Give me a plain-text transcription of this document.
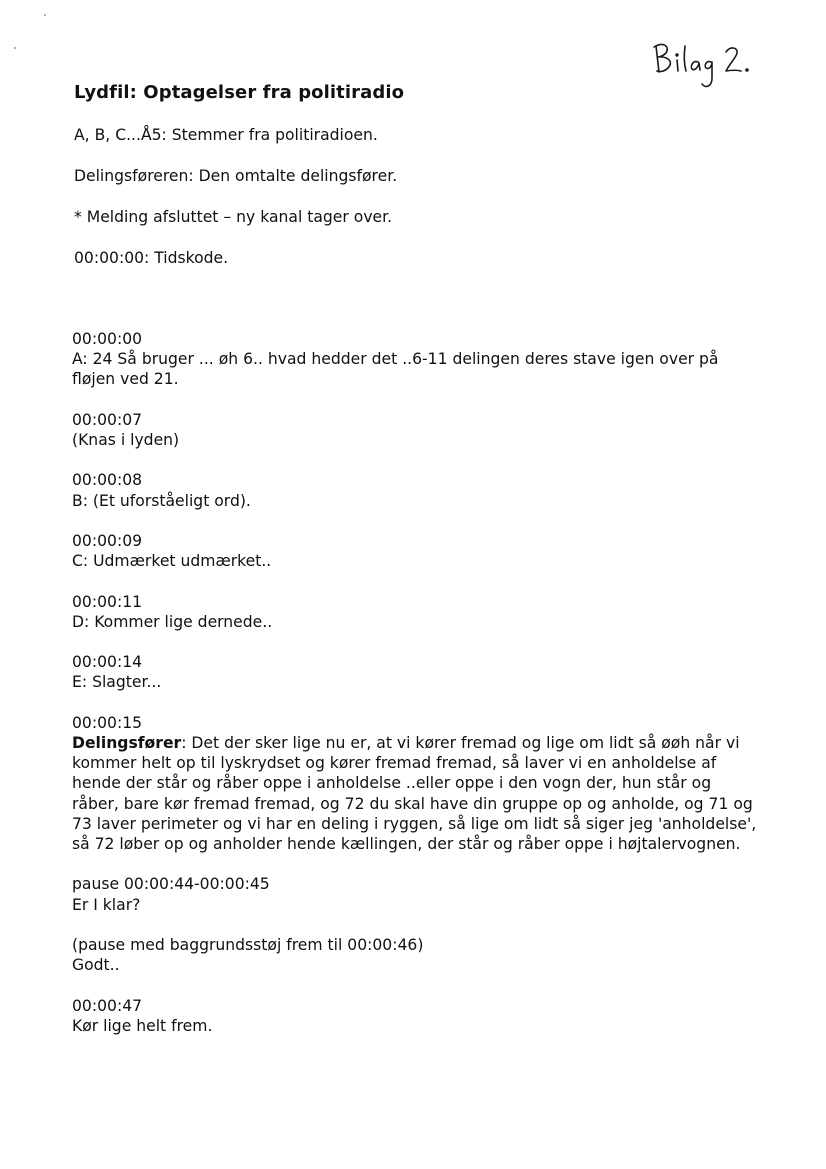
Lydfil: Optagelser fra politiradio

A, B, C...Å5: Stemmer fra politiradioen.

Delingsføreren: Den omtalte delingsfører.

* Melding afsluttet – ny kanal tager over.

00:00:00: Tidskode.

00:00:00
A: 24 Så bruger ... øh 6.. hvad hedder det ..6-11 delingen deres stave igen over på fløjen ved 21.
00:00:07
(Knas i lyden)
00:00:08
B: (Et uforståeligt ord).
00:00:09
C: Udmærket udmærket..
00:00:11
D: Kommer lige dernede..
00:00:14
E: Slagter...
00:00:15
Delingsfører: Det der sker lige nu er, at vi kører fremad og lige om lidt så øøh når vi kommer helt op til lyskrydset og kører fremad fremad, så laver vi en anholdelse af hende der står og råber oppe i anholdelse ..eller oppe i den vogn der, hun står og råber, bare kør fremad fremad, og 72 du skal have din gruppe op og anholde, og 71 og 73 laver perimeter og vi har en deling i ryggen, så lige om lidt så siger jeg 'anholdelse', så 72 løber op og anholder hende kællingen, der står og råber oppe i højtalervognen.
pause 00:00:44-00:00:45
Er I klar?
(pause med baggrundsstøj frem til 00:00:46)
Godt..
00:00:47
Kør lige helt frem.
